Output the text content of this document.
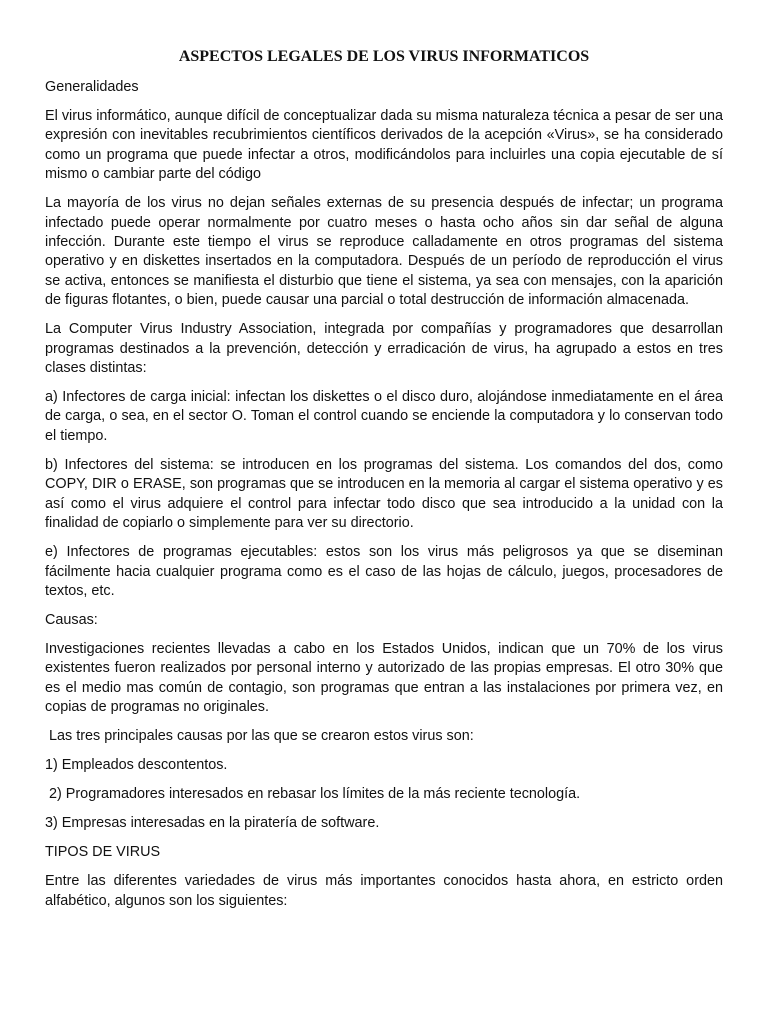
ASPECTOS LEGALES DE LOS VIRUS INFORMATICOS

Generalidades

El virus informático, aunque difícil de conceptualizar dada su misma naturaleza técnica a pesar de ser una expresión con inevitables recubrimientos científicos derivados de la acepción «Virus», se ha considerado como un programa que puede infectar a otros, modificándolos para incluirles una copia ejecutable de sí mismo o cambiar parte del código

La mayoría de los virus no dejan señales externas de su presencia después de infectar; un programa infectado puede operar normalmente por cuatro meses o hasta ocho años sin dar señal de alguna infección. Durante este tiempo el virus se reproduce calladamente en otros programas del sistema operativo y en diskettes insertados en la computadora. Después de un período de reproducción el virus se activa, entonces se manifiesta el disturbio que tiene el sistema, ya sea con mensajes, con la aparición de figuras flotantes, o bien, puede causar una parcial o total destrucción de información almacenada.

La Computer Virus Industry Association, integrada por compañías y programadores que desarrollan programas destinados a la prevención, detección y erradicación de virus, ha agrupado a estos en tres clases distintas:

a) Infectores de carga inicial: infectan los diskettes o el disco duro, alojándose inmediatamente en el área de carga, o sea, en el sector O. Toman el control cuando se enciende la computadora y lo conservan todo el tiempo.

b) Infectores del sistema: se introducen en los programas del sistema. Los comandos del dos, como COPY, DIR o ERASE, son programas que se introducen en la memoria al cargar el sistema operativo y es así como el virus adquiere el control para infectar todo disco que sea introducido a la unidad con la finalidad de copiarlo o simplemente para ver su directorio.

e) Infectores de programas ejecutables: estos son los virus más peligrosos ya que se diseminan fácilmente hacia cualquier programa como es el caso de las hojas de cálculo, juegos, procesadores de textos, etc.

Causas:

Investigaciones recientes llevadas a cabo en los Estados Unidos, indican que un 70% de los virus existentes fueron realizados por personal interno y autorizado de las propias empresas. El otro 30% que es el medio mas común de contagio, son programas que entran a las instalaciones por primera vez, en copias de programas no originales.

Las tres principales causas por las que se crearon estos virus son:

1) Empleados descontentos.

2) Programadores interesados en rebasar los límites de la más reciente tecnología.

3) Empresas interesadas en la piratería de software.

TIPOS DE VIRUS

Entre las diferentes variedades de virus más importantes conocidos hasta ahora, en estricto orden alfabético, algunos son los siguientes:
